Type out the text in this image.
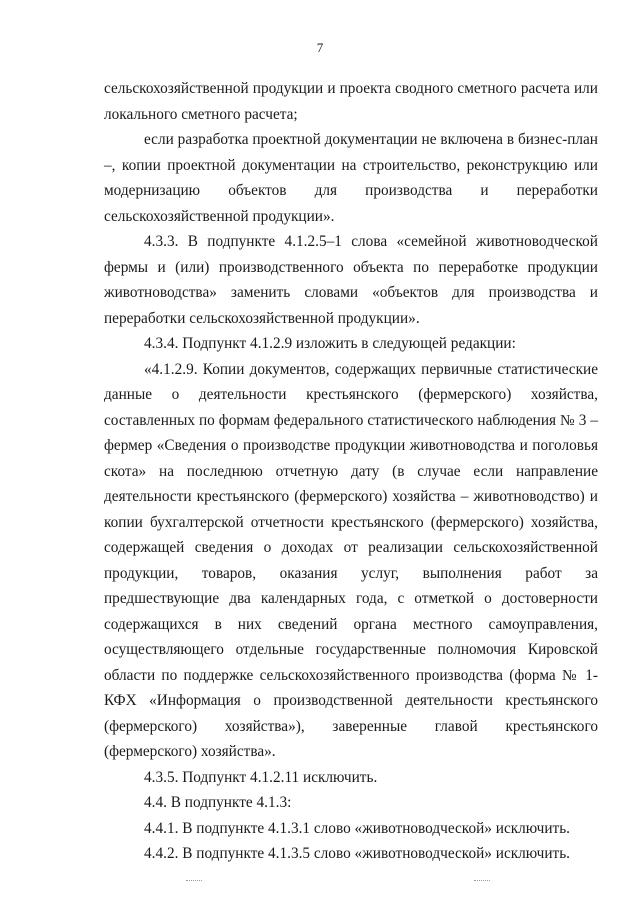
7

сельскохозяйственной продукции и проекта сводного сметного расчета или локального сметного расчета;

если разработка проектной документации не включена в бизнес-план –, копии проектной документации на строительство, реконструкцию или модернизацию объектов для производства и переработки сельскохозяйственной продукции».

4.3.3. В подпункте 4.1.2.5–1 слова «семейной животноводческой фермы и (или) производственного объекта по переработке продукции животноводства» заменить словами «объектов для производства и переработки сельскохозяйственной продукции».

4.3.4. Подпункт 4.1.2.9 изложить в следующей редакции:

«4.1.2.9. Копии документов, содержащих первичные статистические данные о деятельности крестьянского (фермерского) хозяйства, составленных по формам федерального статистического наблюдения № 3 – фермер «Сведения о производстве продукции животноводства и поголовья скота» на последнюю отчетную дату (в случае если направление деятельности крестьянского (фермерского) хозяйства – животноводство) и копии бухгалтерской отчетности крестьянского (фермерского) хозяйства, содержащей сведения о доходах от реализации сельскохозяйственной продукции, товаров, оказания услуг, выполнения работ за предшествующие два календарных года, с отметкой о достоверности содержащихся в них сведений органа местного самоуправления, осуществляющего отдельные государственные полномочия Кировской области по поддержке сельскохозяйственного производства (форма № 1-КФХ «Информация о производственной деятельности крестьянского (фермерского) хозяйства»), заверенные главой крестьянского (фермерского) хозяйства».

4.3.5. Подпункт 4.1.2.11 исключить.

4.4. В подпункте 4.1.3:

4.4.1. В подпункте 4.1.3.1 слово «животноводческой» исключить.

4.4.2. В подпункте 4.1.3.5 слово «животноводческой» исключить.
